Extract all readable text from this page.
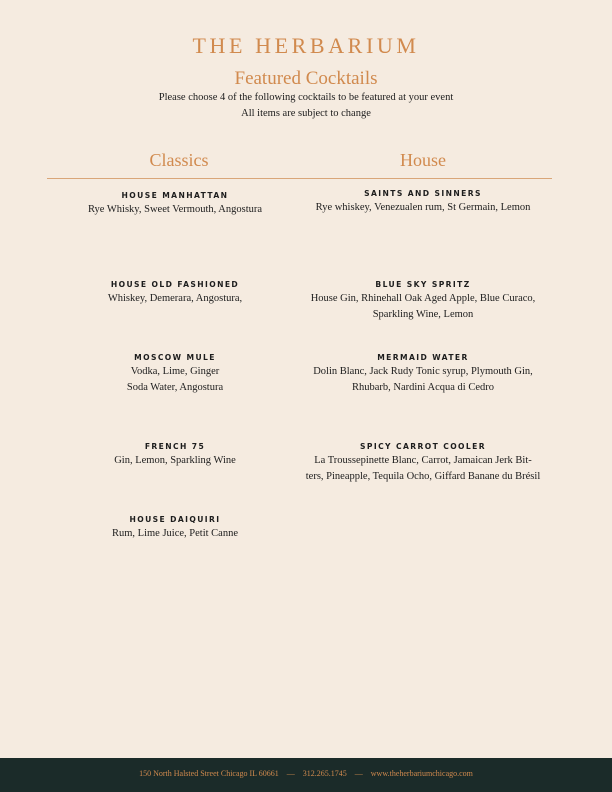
THE HERBARIUM
Featured Cocktails
Please choose 4 of the following cocktails to be featured at your event
All items are subject to change
Classics	House
HOUSE MANHATTAN
Rye Whisky, Sweet Vermouth, Angostura
HOUSE OLD FASHIONED
Whiskey, Demerara, Angostura,
MOSCOW MULE
Vodka, Lime, Ginger
Soda Water, Angostura
FRENCH 75
Gin, Lemon, Sparkling Wine
HOUSE DAIQUIRI
Rum, Lime Juice, Petit Canne
SAINTS AND SINNERS
Rye whiskey, Venezualen rum, St Germain, Lemon
BLUE SKY SPRITZ
House Gin, Rhinehall Oak Aged Apple, Blue Curaco,
Sparkling Wine, Lemon
MERMAID WATER
Dolin Blanc, Jack Rudy Tonic syrup, Plymouth Gin,
Rhubarb, Nardini Acqua di Cedro
SPICY CARROT COOLER
La Troussepinette Blanc, Carrot, Jamaican Jerk Bit-
ters, Pineapple, Tequila Ocho, Giffard Banane du Brésil
150 North Halsted Street Chicago IL 60661 — 312.265.1745 — www.theherbariumchicago.com
